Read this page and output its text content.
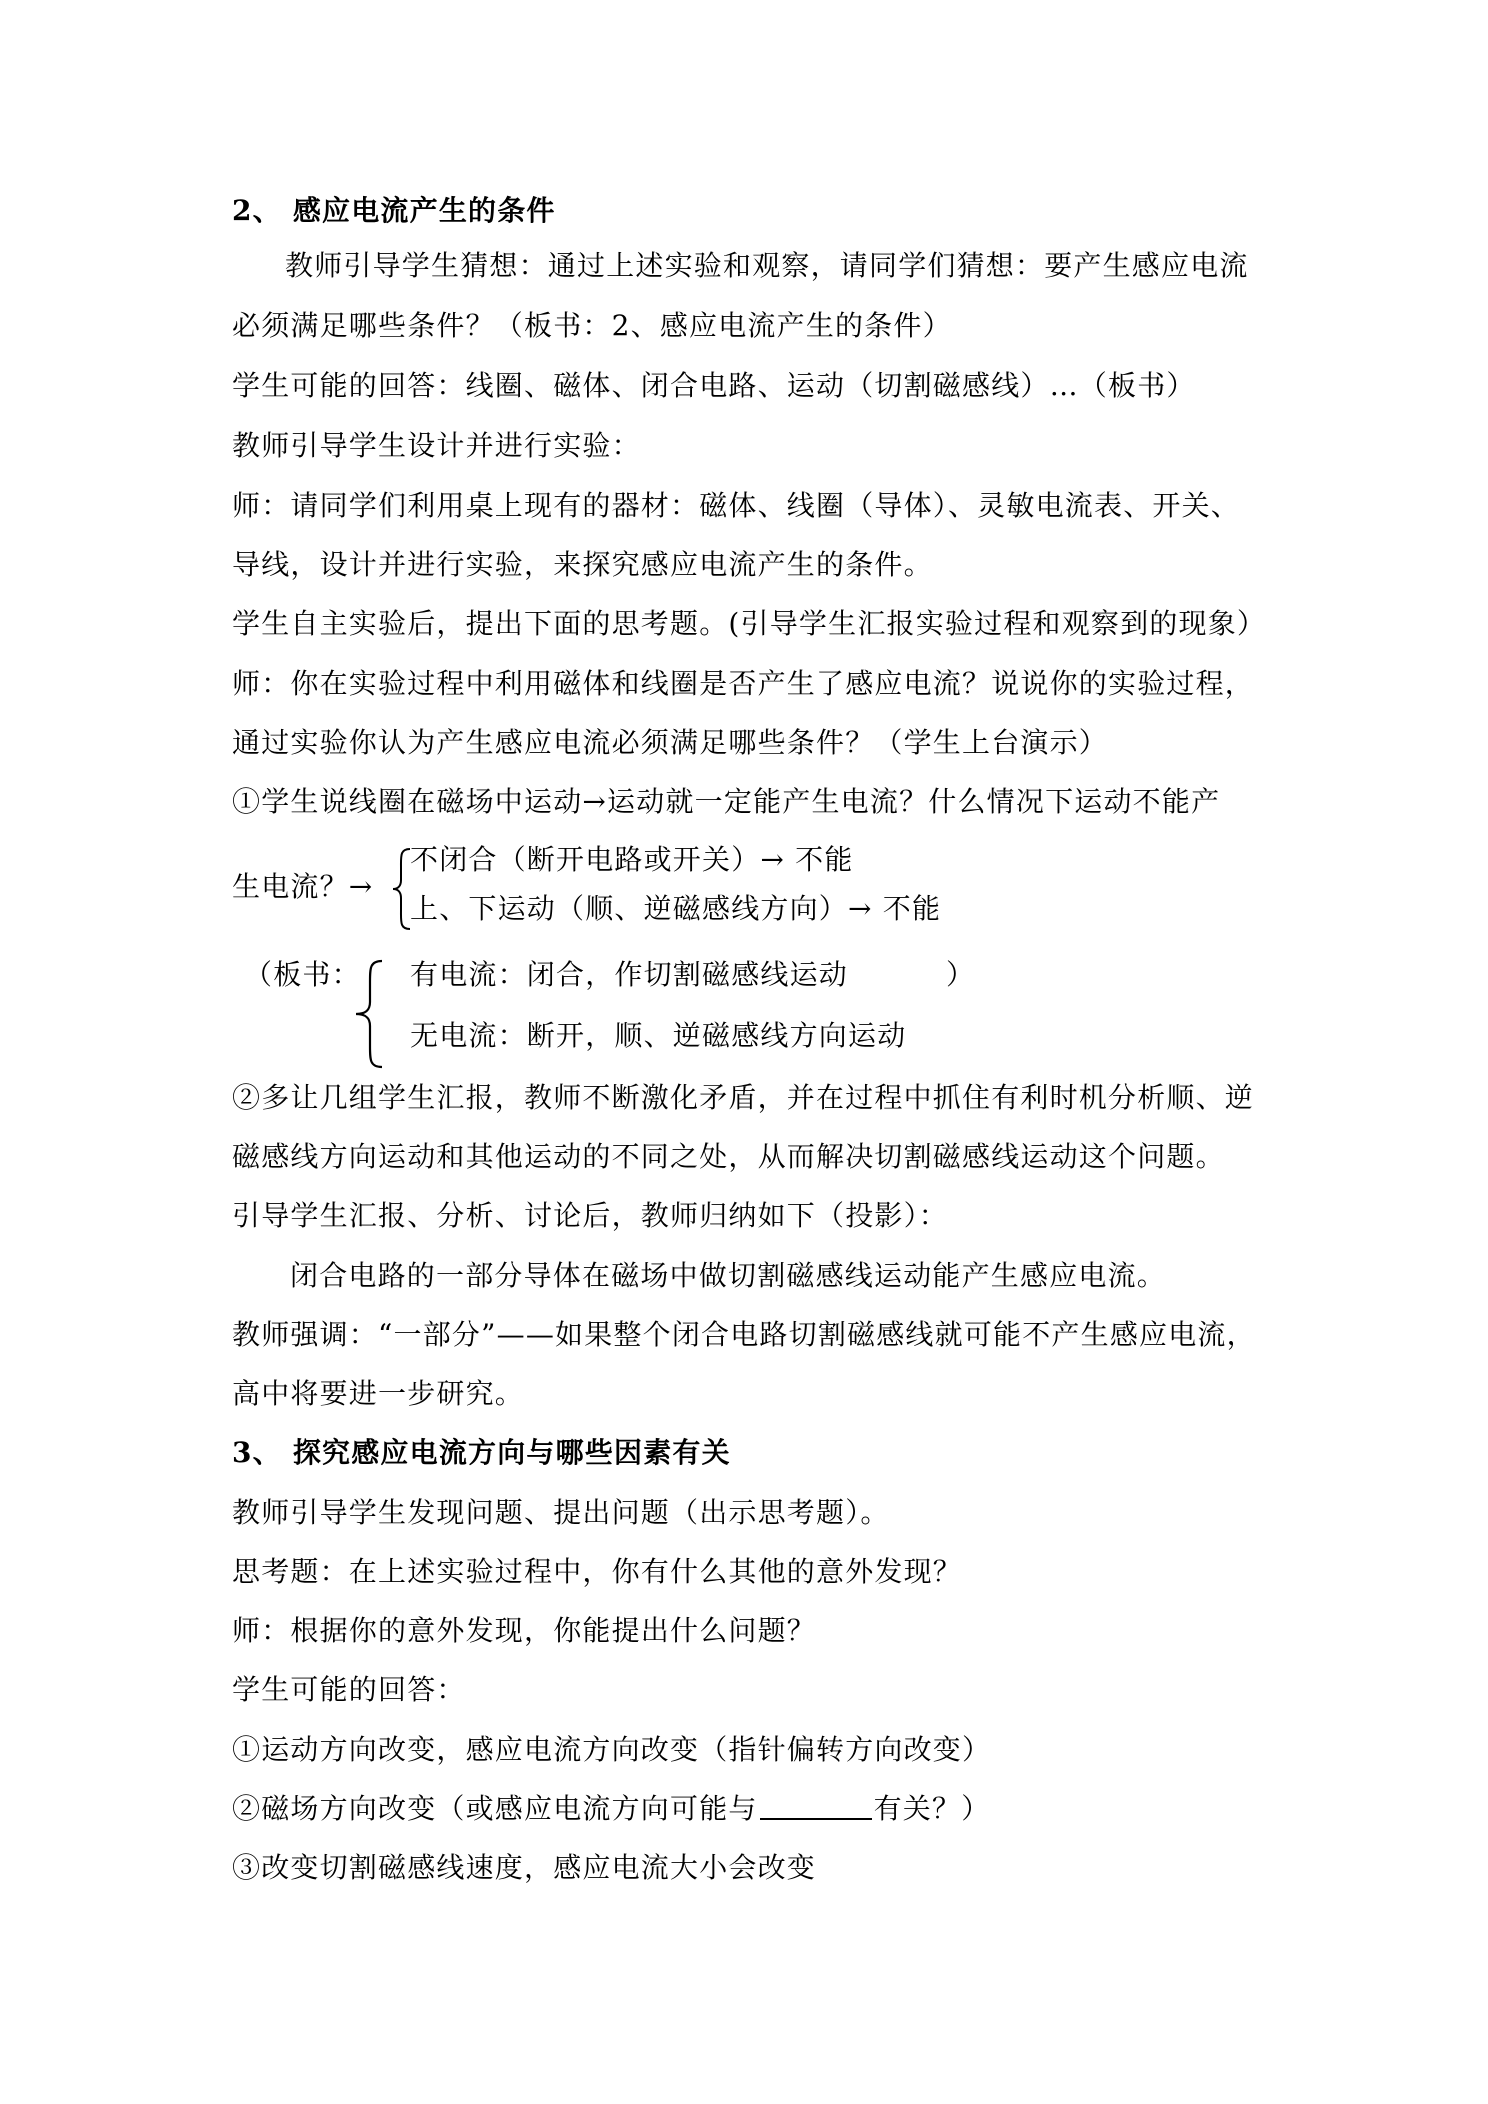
2、 感应电流产生的条件
教师引导学生猜想：通过上述实验和观察，请同学们猜想：要产生感应电流
必须满足哪些条件？（板书：2、感应电流产生的条件）
学生可能的回答：线圈、磁体、闭合电路、运动（切割磁感线）…（板书）
教师引导学生设计并进行实验：
师：请同学们利用桌上现有的器材：磁体、线圈（导体）、灵敏电流表、开关、
导线，设计并进行实验，来探究感应电流产生的条件。
学生自主实验后，提出下面的思考题。(引导学生汇报实验过程和观察到的现象）
师：你在实验过程中利用磁体和线圈是否产生了感应电流？说说你的实验过程，
通过实验你认为产生感应电流必须满足哪些条件？（学生上台演示）
①学生说线圈在磁场中运动→运动就一定能产生电流？什么情况下运动不能产
生电流？→
不闭合（断开电路或开关）→ 不能
上、下运动（顺、逆磁感线方向）→ 不能
（板书： 有电流：闭合，作切割磁感线运动	）
无电流：断开，顺、逆磁感线方向运动
②多让几组学生汇报，教师不断激化矛盾，并在过程中抓住有利时机分析顺、逆
磁感线方向运动和其他运动的不同之处，从而解决切割磁感线运动这个问题。
引导学生汇报、分析、讨论后，教师归纳如下（投影）：
闭合电路的一部分导体在磁场中做切割磁感线运动能产生感应电流。
教师强调：“一部分”——如果整个闭合电路切割磁感线就可能不产生感应电流，
高中将要进一步研究。
3、 探究感应电流方向与哪些因素有关
教师引导学生发现问题、提出问题（出示思考题）。
思考题：在上述实验过程中，你有什么其他的意外发现？
师：根据你的意外发现，你能提出什么问题？
学生可能的回答：
①运动方向改变，感应电流方向改变（指针偏转方向改变）
②磁场方向改变（或感应电流方向可能与	有关？）
③改变切割磁感线速度，感应电流大小会改变
